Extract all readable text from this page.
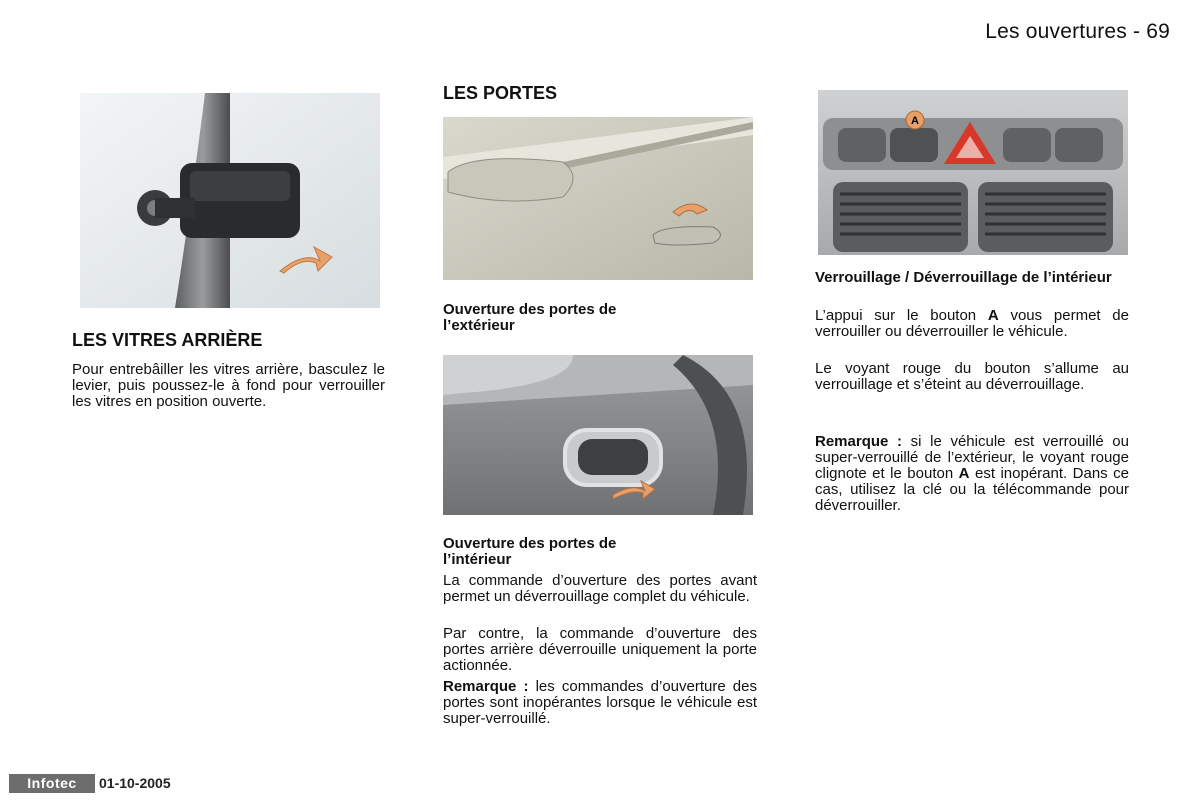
Les ouvertures - 69
LES VITRES ARRIÈRE
Pour entrebâiller les vitres arrière, basculez le levier, puis poussez-le à fond pour verrouiller les vitres en position ouverte.
LES PORTES
Ouverture des portes de l’extérieur
Ouverture des portes de l’intérieur
La commande d’ouverture des portes avant permet un déverrouillage complet du véhicule.
Par contre, la commande d’ouverture des portes arrière déverrouille uniquement la porte actionnée.
Remarque : les commandes d’ouverture des portes sont inopérantes lorsque le véhicule est super-verrouillé.
A
Verrouillage / Déverrouillage de l’intérieur
L’appui sur le bouton A vous permet de verrouiller ou déverrouiller le véhicule.
Le voyant rouge du bouton s’allume au verrouillage et s’éteint au déverrouillage.
Remarque : si le véhicule est verrouillé ou super-verrouillé de l’extérieur, le voyant rouge clignote et le bouton A est inopérant. Dans ce cas, utilisez la clé ou la télécommande pour déverrouiller.
Infotec	01-10-2005
